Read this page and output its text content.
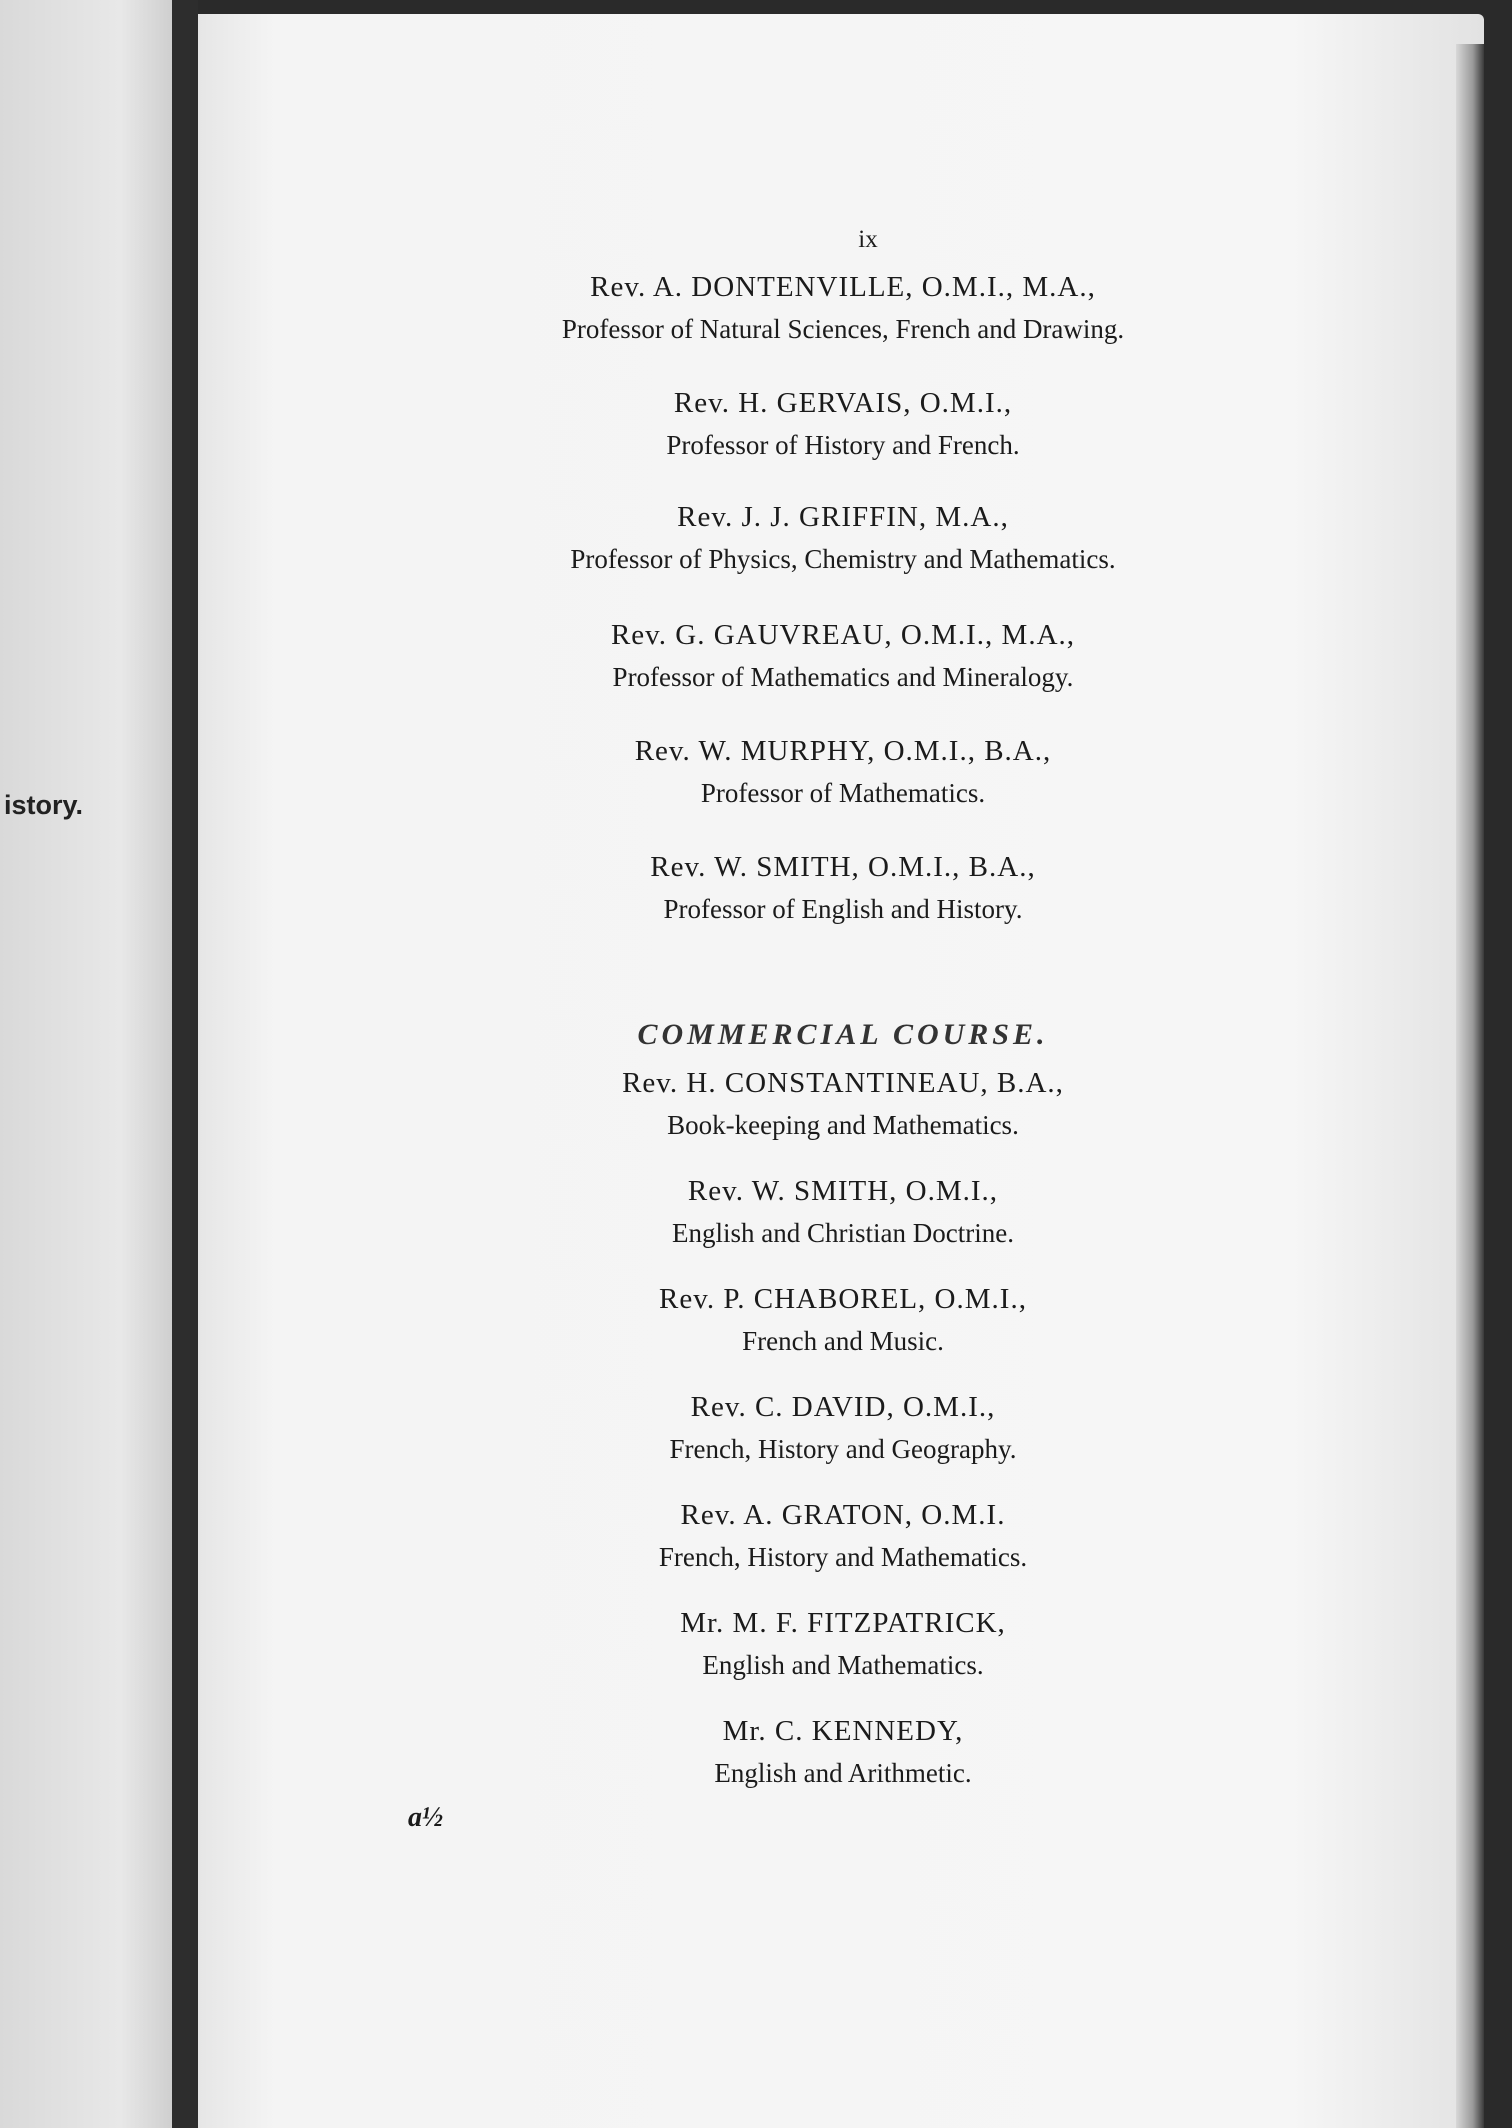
istory.
ix
Rev. A. DONTENVILLE, O.M.I., M.A.,
Professor of Natural Sciences, French and Drawing.
Rev. H. GERVAIS, O.M.I.,
Professor of History and French.
Rev. J. J. GRIFFIN, M.A.,
Professor of Physics, Chemistry and Mathematics.
Rev. G. GAUVREAU, O.M.I., M.A.,
Professor of Mathematics and Mineralogy.
Rev. W. MURPHY, O.M.I., B.A.,
Professor of Mathematics.
Rev. W. SMITH, O.M.I., B.A.,
Professor of English and History.
COMMERCIAL COURSE.
Rev. H. CONSTANTINEAU, B.A.,
Book-keeping and Mathematics.
Rev. W. SMITH, O.M.I.,
English and Christian Doctrine.
Rev. P. CHABOREL, O.M.I.,
French and Music.
Rev. C. DAVID, O.M.I.,
French, History and Geography.
Rev. A. GRATON, O.M.I.
French, History and Mathematics.
Mr. M. F. FITZPATRICK,
English and Mathematics.
Mr. C. KENNEDY,
English and Arithmetic.
a½
